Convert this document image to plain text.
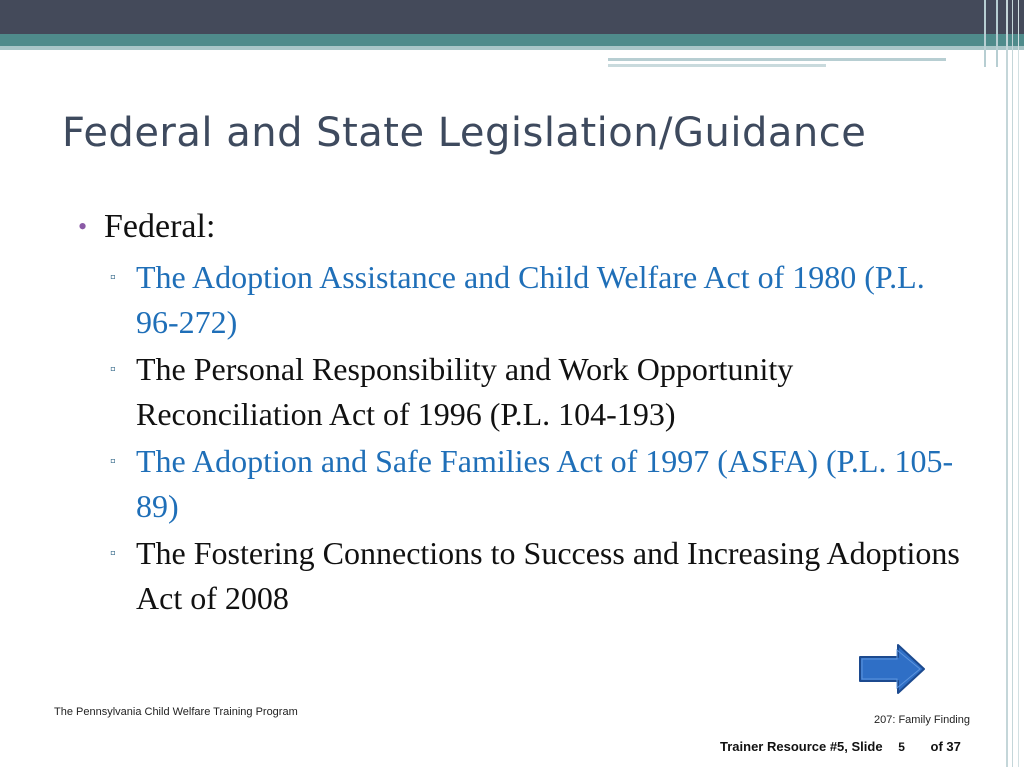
Federal and State Legislation/Guidance
• Federal:
▫ The Adoption Assistance and Child Welfare Act of 1980 (P.L. 96-272)
▫ The Personal Responsibility and Work Opportunity Reconciliation Act of 1996 (P.L. 104-193)
▫ The Adoption and Safe Families Act of 1997 (ASFA) (P.L. 105-89)
▫ The Fostering Connections to Success and Increasing Adoptions Act of 2008
The Pennsylvania Child Welfare Training Program
207: Family Finding
Trainer Resource #5, Slide 5 of 37
